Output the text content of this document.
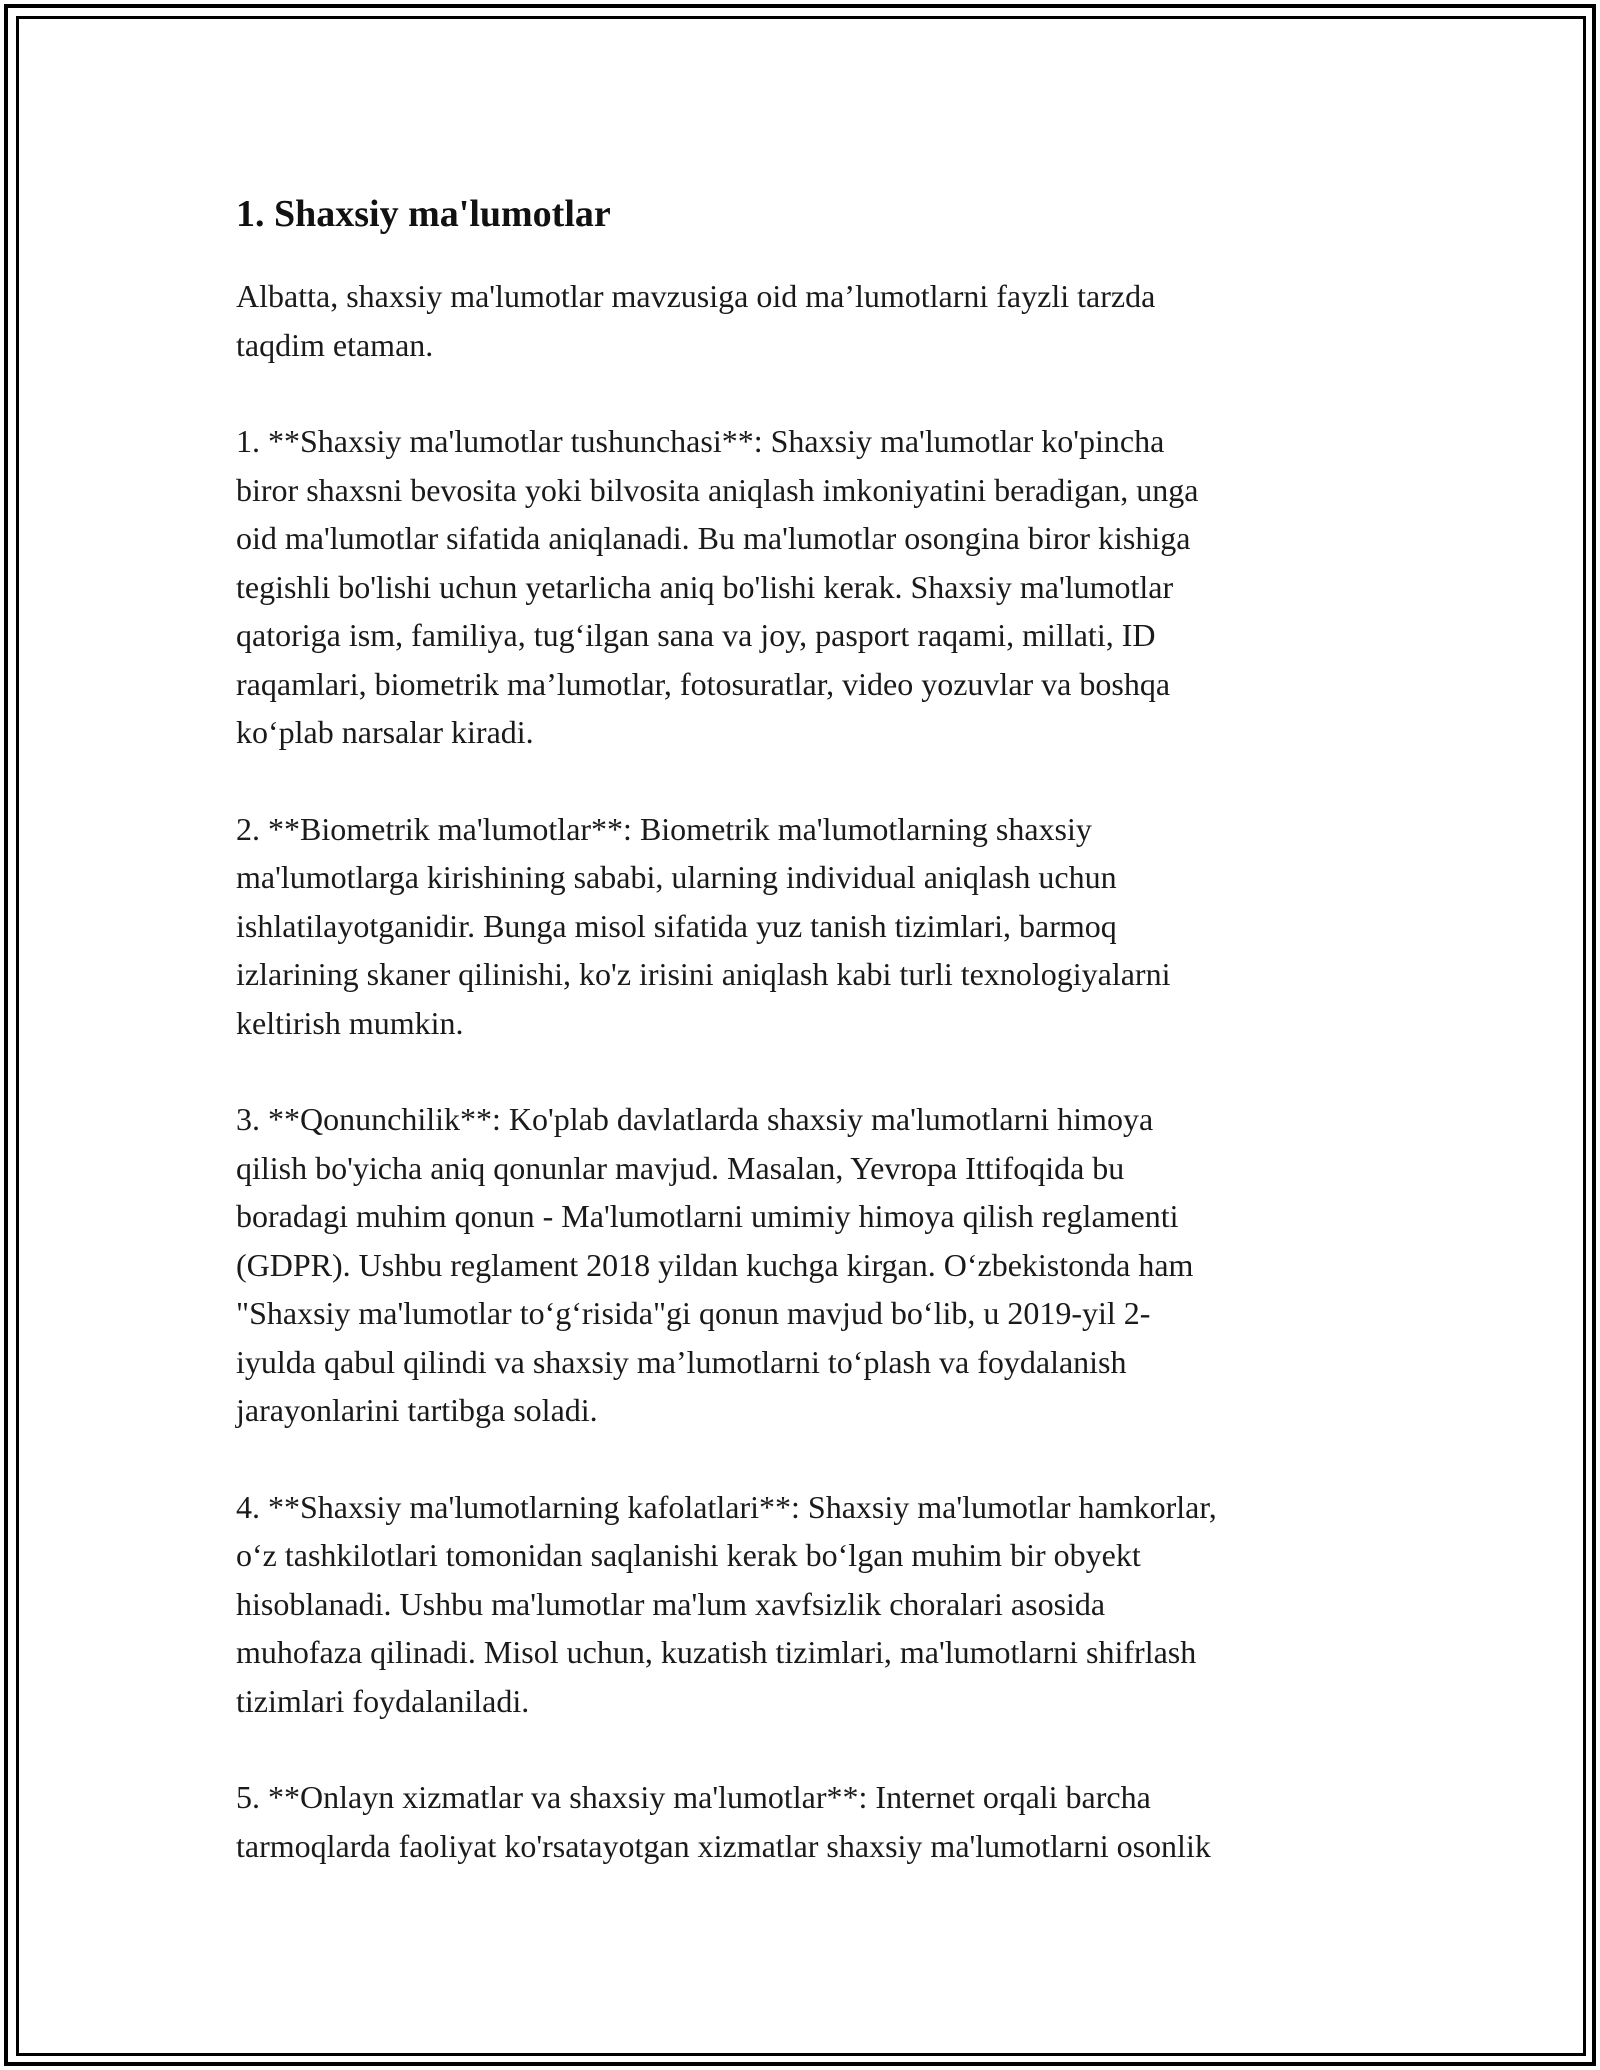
1. Shaxsiy ma'lumotlar

Albatta, shaxsiy ma'lumotlar mavzusiga oid ma’lumotlarni fayzli tarzda
taqdim etaman.

1. **Shaxsiy ma'lumotlar tushunchasi**: Shaxsiy ma'lumotlar ko'pincha
biror shaxsni bevosita yoki bilvosita aniqlash imkoniyatini beradigan, unga
oid ma'lumotlar sifatida aniqlanadi. Bu ma'lumotlar osongina biror kishiga
tegishli bo'lishi uchun yetarlicha aniq bo'lishi kerak. Shaxsiy ma'lumotlar
qatoriga ism, familiya, tug‘ilgan sana va joy, pasport raqami, millati, ID
raqamlari, biometrik ma’lumotlar, fotosuratlar, video yozuvlar va boshqa
ko‘plab narsalar kiradi.

2. **Biometrik ma'lumotlar**: Biometrik ma'lumotlarning shaxsiy
ma'lumotlarga kirishining sababi, ularning individual aniqlash uchun
ishlatilayotganidir. Bunga misol sifatida yuz tanish tizimlari, barmoq
izlarining skaner qilinishi, ko'z irisini aniqlash kabi turli texnologiyalarni
keltirish mumkin.

3. **Qonunchilik**: Ko'plab davlatlarda shaxsiy ma'lumotlarni himoya
qilish bo'yicha aniq qonunlar mavjud. Masalan, Yevropa Ittifoqida bu
boradagi muhim qonun - Ma'lumotlarni umimiy himoya qilish reglamenti
(GDPR). Ushbu reglament 2018 yildan kuchga kirgan. O‘zbekistonda ham
"Shaxsiy ma'lumotlar to‘g‘risida"gi qonun mavjud bo‘lib, u 2019-yil 2-
iyulda qabul qilindi va shaxsiy ma’lumotlarni to‘plash va foydalanish
jarayonlarini tartibga soladi.

4. **Shaxsiy ma'lumotlarning kafolatlari**: Shaxsiy ma'lumotlar hamkorlar,
o‘z tashkilotlari tomonidan saqlanishi kerak bo‘lgan muhim bir obyekt
hisoblanadi. Ushbu ma'lumotlar ma'lum xavfsizlik choralari asosida
muhofaza qilinadi. Misol uchun, kuzatish tizimlari, ma'lumotlarni shifrlash
tizimlari foydalaniladi.

5. **Onlayn xizmatlar va shaxsiy ma'lumotlar**: Internet orqali barcha
tarmoqlarda faoliyat ko'rsatayotgan xizmatlar shaxsiy ma'lumotlarni osonlik
